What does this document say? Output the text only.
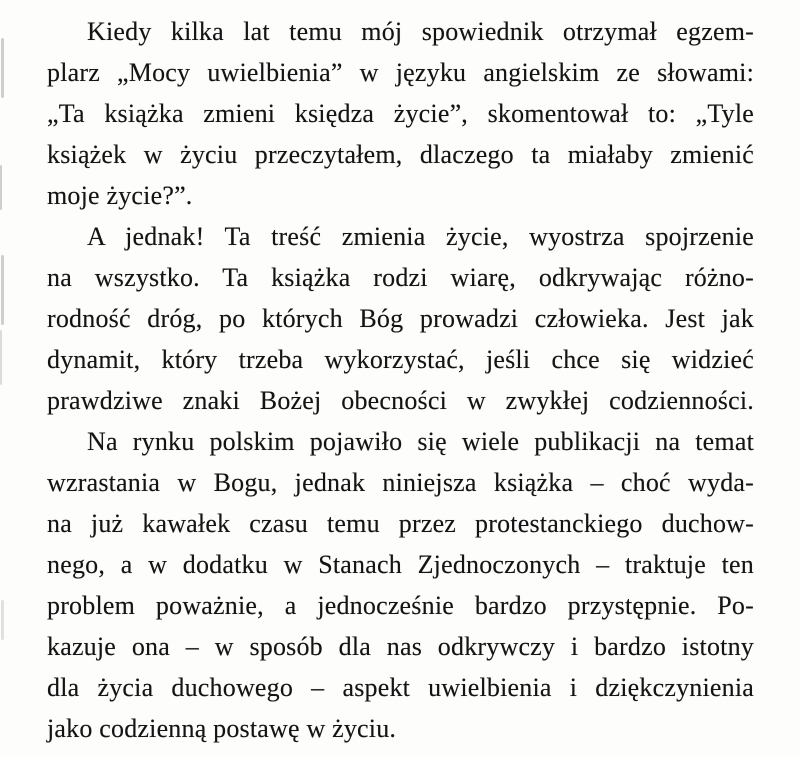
Kiedy kilka lat temu mój spowiednik otrzymał egzem-
plarz „Mocy uwielbienia” w języku angielskim ze słowami:
„Ta książka zmieni księdza życie”, skomentował to: „Tyle
książek w życiu przeczytałem, dlaczego ta miałaby zmienić
moje życie?”.
A jednak! Ta treść zmienia życie, wyostrza spojrzenie
na wszystko. Ta książka rodzi wiarę, odkrywając różno-
rodność dróg, po których Bóg prowadzi człowieka. Jest jak
dynamit, który trzeba wykorzystać, jeśli chce się widzieć
prawdziwe znaki Bożej obecności w zwykłej codzienności.
Na rynku polskim pojawiło się wiele publikacji na temat
wzrastania w Bogu, jednak niniejsza książka – choć wyda-
na już kawałek czasu temu przez protestanckiego duchow-
nego, a w dodatku w Stanach Zjednoczonych – traktuje ten
problem poważnie, a jednocześnie bardzo przystępnie. Po-
kazuje ona – w sposób dla nas odkrywczy i bardzo istotny
dla życia duchowego – aspekt uwielbienia i dziękczynienia
jako codzienną postawę w życiu.
